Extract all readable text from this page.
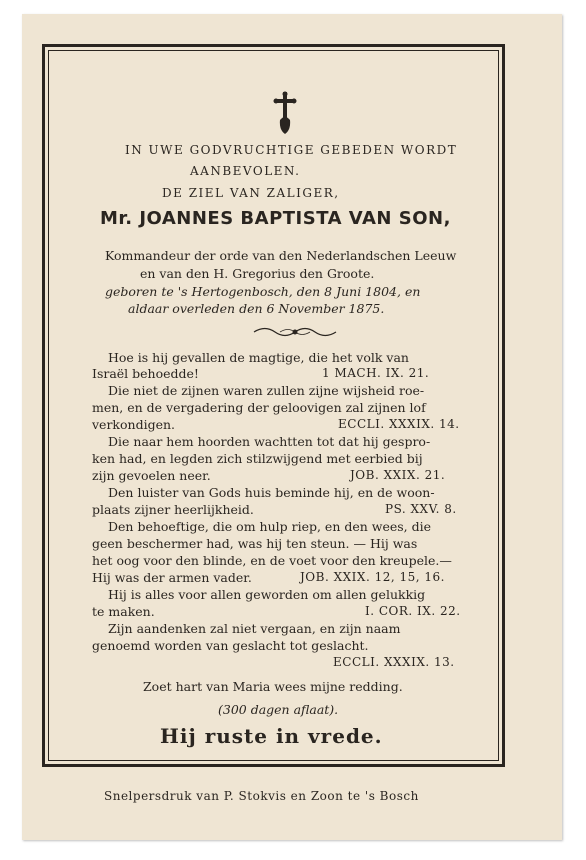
IN UWE GODVRUCHTIGE GEBEDEN WORDT
AANBEVOLEN.
DE ZIEL VAN ZALIGER,
Mr. JOANNES BAPTISTA VAN SON,
Kommandeur der orde van den Nederlandschen Leeuw
en van den H. Gregorius den Groote.
geboren te 's Hertogenbosch, den 8 Juni 1804, en
aldaar overleden den 6 November 1875.
Hoe is hij gevallen de magtige, die het volk van
Israël behoedde!	1 MACH. IX. 21.
Die niet de zijnen waren zullen zijne wijsheid roe-
men, en de vergadering der geloovigen zal zijnen lof
verkondigen.	ECCLI. XXXIX. 14.
Die naar hem hoorden wachtten tot dat hij gespro-
ken had, en legden zich stilzwijgend met eerbied bij
zijn gevoelen neer.	JOB. XXIX. 21.
Den luister van Gods huis beminde hij, en de woon-
plaats zijner heerlijkheid.	PS. XXV. 8.
Den behoeftige, die om hulp riep, en den wees, die
geen beschermer had, was hij ten steun. — Hij was
het oog voor den blinde, en de voet voor den kreupele.—
Hij was der armen vader.	JOB. XXIX. 12, 15, 16.
Hij is alles voor allen geworden om allen gelukkig
te maken.	I. COR. IX. 22.
Zijn aandenken zal niet vergaan, en zijn naam
genoemd worden van geslacht tot geslacht.
ECCLI. XXXIX. 13.
Zoet hart van Maria wees mijne redding.
(300 dagen aflaat).
Hij ruste in vrede.
Snelpersdruk van P. Stokvis en Zoon te 's Bosch
